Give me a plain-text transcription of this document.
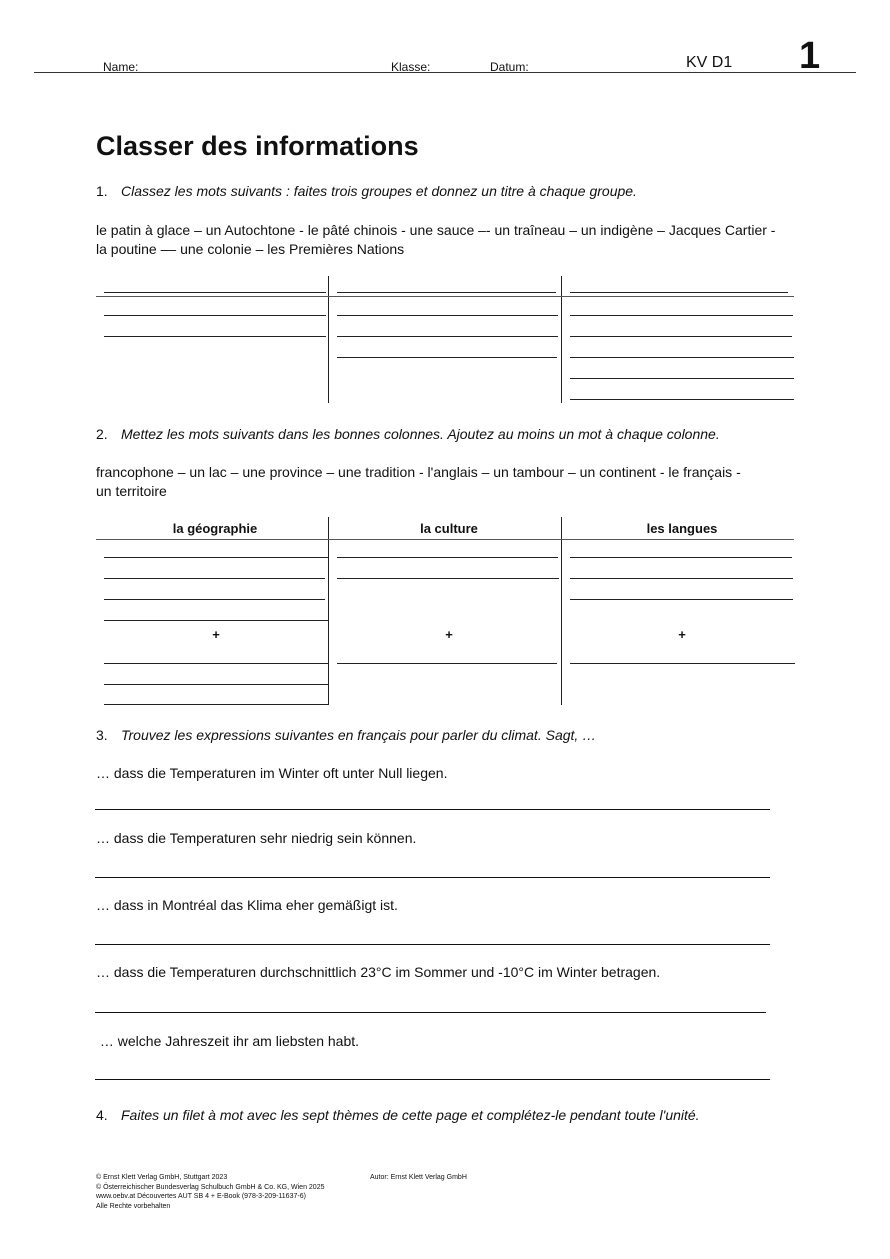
Name:	Klasse:	Datum:	KV D1 1
Classer des informations
1. Classez les mots suivants : faites trois groupes et donnez un titre à chaque groupe.
le patin à glace – un Autochtone - le pâté chinois - une sauce –- un traîneau – un indigène – Jacques Cartier -
la poutine –– une colonie – les Premières Nations
2. Mettez les mots suivants dans les bonnes colonnes. Ajoutez au moins un mot à chaque colonne.
francophone – un lac – une province – une tradition - l'anglais – un tambour – un continent - le français -
un territoire
la géographie	la culture	les langues
+	+	+
3. Trouvez les expressions suivantes en français pour parler du climat. Sagt, …
… dass die Temperaturen im Winter oft unter Null liegen.
… dass die Temperaturen sehr niedrig sein können.
… dass in Montréal das Klima eher gemäßigt ist.
… dass die Temperaturen durchschnittlich 23°C im Sommer und -10°C im Winter betragen.
… welche Jahreszeit ihr am liebsten habt.
4. Faites un filet à mot avec les sept thèmes de cette page et complétez-le pendant toute l'unité.
© Ernst Klett Verlag GmbH, Stuttgart 2023
© Österreichischer Bundesverlag Schulbuch GmbH & Co. KG, Wien 2025
www.oebv.at Découvertes AUT SB 4 + E-Book (978-3-209-11637-6)
Alle Rechte vorbehalten
Autor: Ernst Klett Verlag GmbH
